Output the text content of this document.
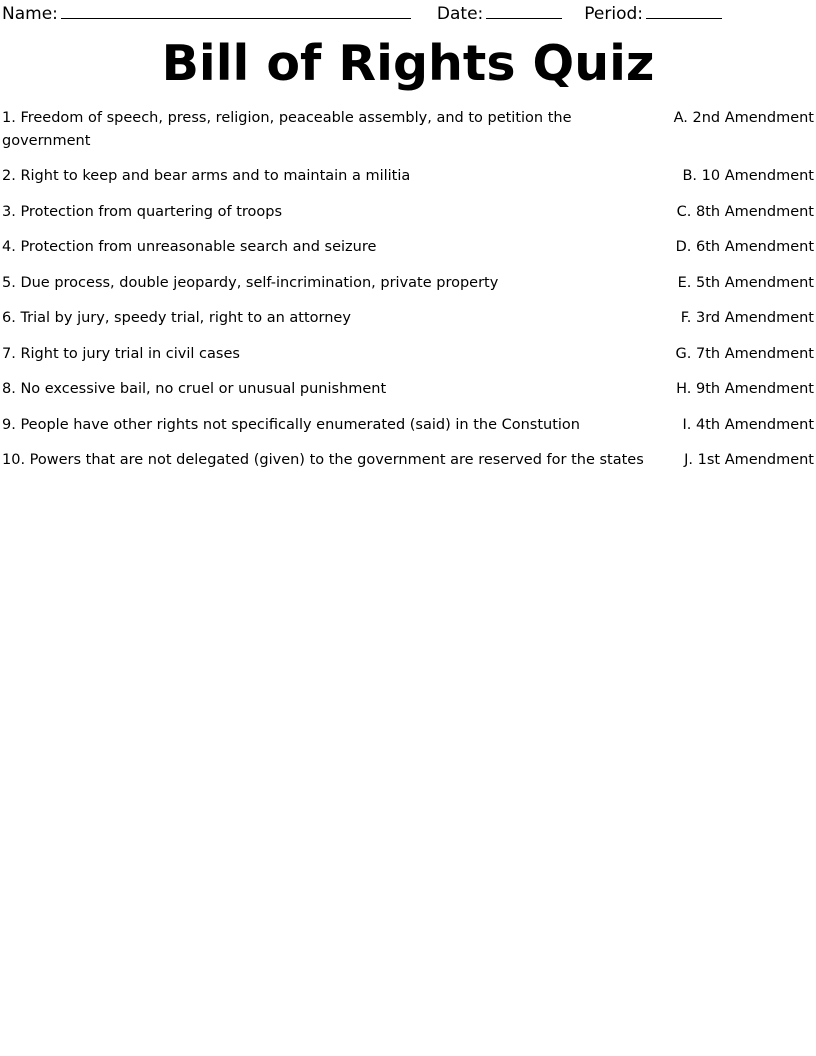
Name:	Date:	Period:
Bill of Rights Quiz
1. Freedom of speech, press, religion, peaceable assembly, and to petition the government
A. 2nd Amendment
2. Right to keep and bear arms and to maintain a militia	B. 10 Amendment
3. Protection from quartering of troops	C. 8th Amendment
4. Protection from unreasonable search and seizure	D. 6th Amendment
5. Due process, double jeopardy, self-incrimination, private property	E. 5th Amendment
6. Trial by jury, speedy trial, right to an attorney	F. 3rd Amendment
7. Right to jury trial in civil cases	G. 7th Amendment
8. No excessive bail, no cruel or unusual punishment	H. 9th Amendment
9. People have other rights not specifically enumerated (said) in the Constution	I. 4th Amendment
10. Powers that are not delegated (given) to the government are reserved for the states	J. 1st Amendment
